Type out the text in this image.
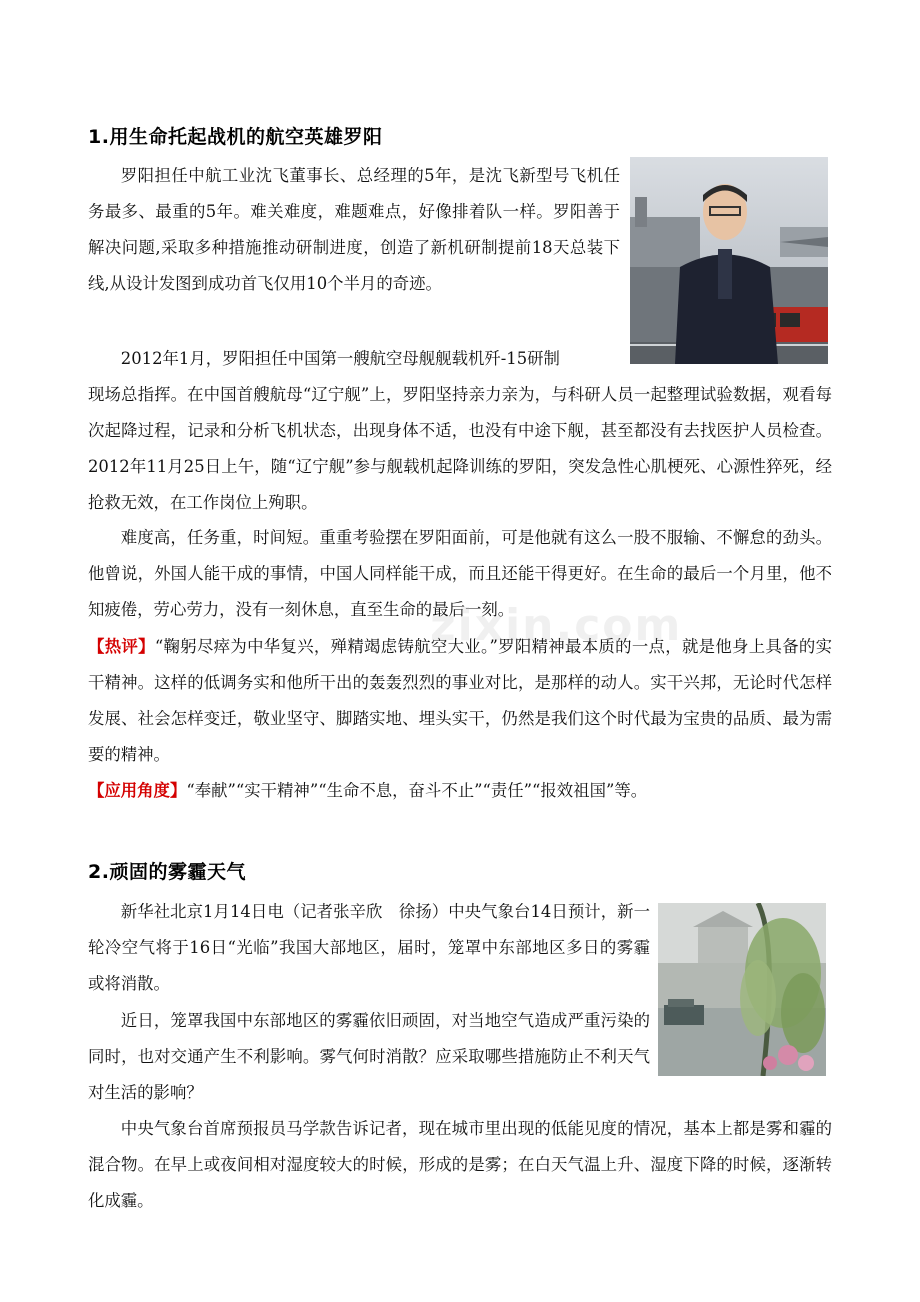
1.用生命托起战机的航空英雄罗阳
罗阳担任中航工业沈飞董事长、总经理的5年，是沈飞新型号飞机任务最多、最重的5年。难关难度，难题难点，好像排着队一样。罗阳善于解决问题,采取多种措施推动研制进度，创造了新机研制提前18天总装下线,从设计发图到成功首飞仅用10个半月的奇迹。
2012年1月，罗阳担任中国第一艘航空母舰舰载机歼-15研制
现场总指挥。在中国首艘航母“辽宁舰”上，罗阳坚持亲力亲为，与科研人员一起整理试验数据，观看每次起降过程，记录和分析飞机状态，出现身体不适，也没有中途下舰，甚至都没有去找医护人员检查。2012年11月25日上午，随“辽宁舰”参与舰载机起降训练的罗阳，突发急性心肌梗死、心源性猝死，经抢救无效，在工作岗位上殉职。
难度高，任务重，时间短。重重考验摆在罗阳面前，可是他就有这么一股不服输、不懈怠的劲头。他曾说，外国人能干成的事情，中国人同样能干成，而且还能干得更好。在生命的最后一个月里，他不知疲倦，劳心劳力，没有一刻休息，直至生命的最后一刻。
【热评】“鞠躬尽瘁为中华复兴，殚精竭虑铸航空大业。”罗阳精神最本质的一点，就是他身上具备的实干精神。这样的低调务实和他所干出的轰轰烈烈的事业对比，是那样的动人。实干兴邦，无论时代怎样发展、社会怎样变迁，敬业坚守、脚踏实地、埋头实干，仍然是我们这个时代最为宝贵的品质、最为需要的精神。
【应用角度】“奉献”“实干精神”“生命不息，奋斗不止”“责任”“报效祖国”等。
2.顽固的雾霾天气
新华社北京1月14日电（记者张辛欣　徐扬）中央气象台14日预计，新一轮冷空气将于16日“光临”我国大部地区，届时，笼罩中东部地区多日的雾霾或将消散。
近日，笼罩我国中东部地区的雾霾依旧顽固，对当地空气造成严重污染的同时，也对交通产生不利影响。雾气何时消散？应采取哪些措施防止不利天气对生活的影响？
中央气象台首席预报员马学款告诉记者，现在城市里出现的低能见度的情况，基本上都是雾和霾的混合物。在早上或夜间相对湿度较大的时候，形成的是雾；在白天气温上升、湿度下降的时候，逐渐转化成霾。
zixin.com
